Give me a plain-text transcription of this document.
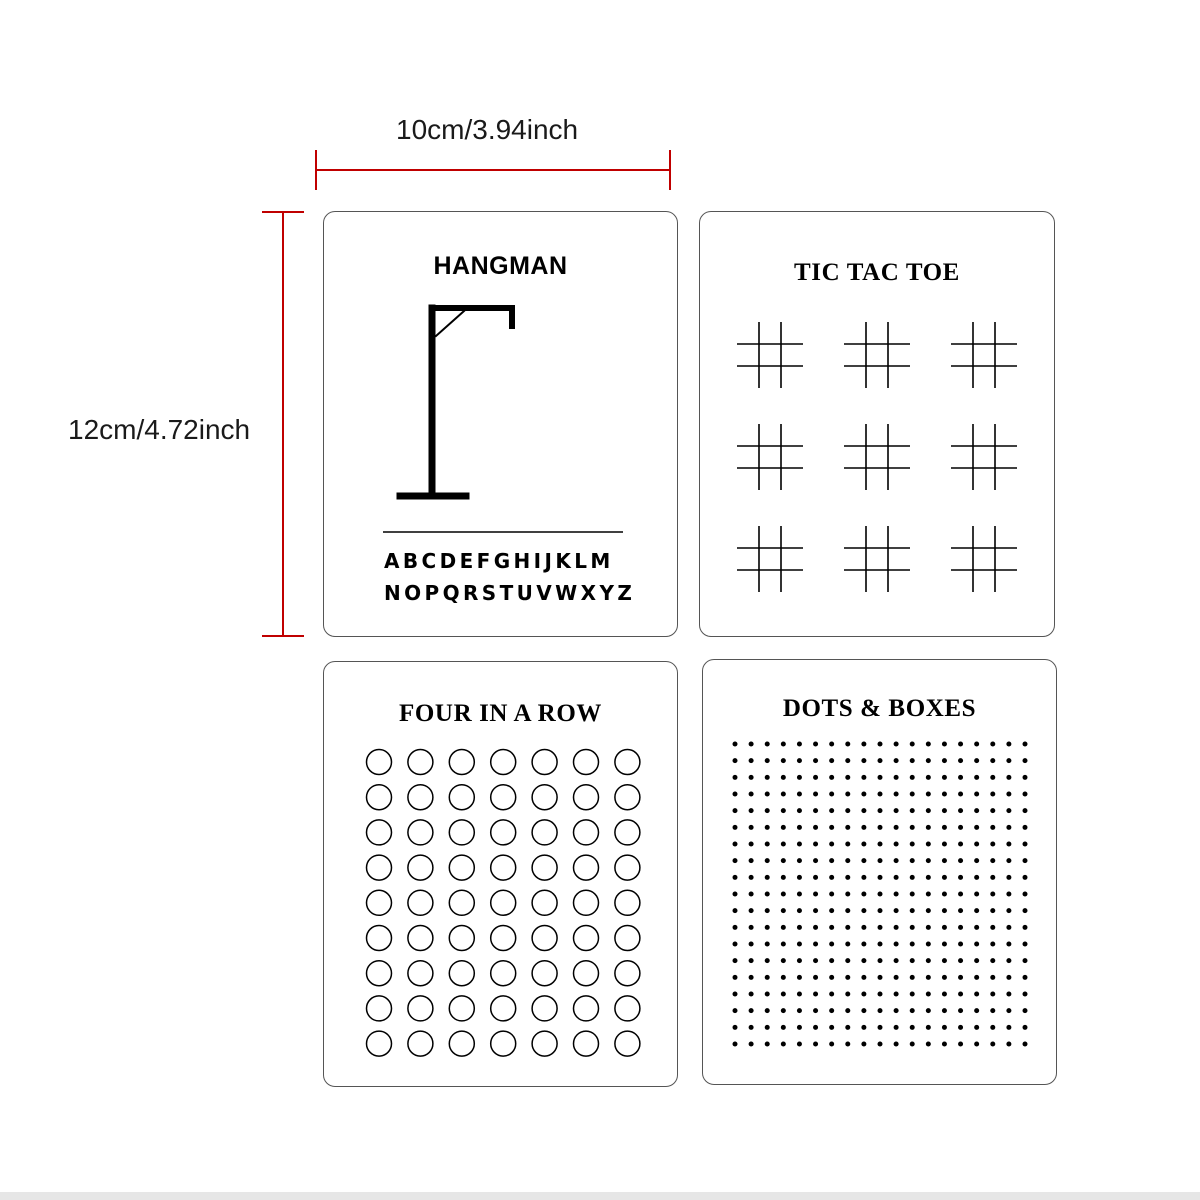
10cm/3.94inch
12cm/4.72inch
HANGMAN
ABCDEFGHIJKLM
NOPQRSTUVWXYZ
TIC TAC TOE
FOUR IN A ROW	DOTS & BOXES
